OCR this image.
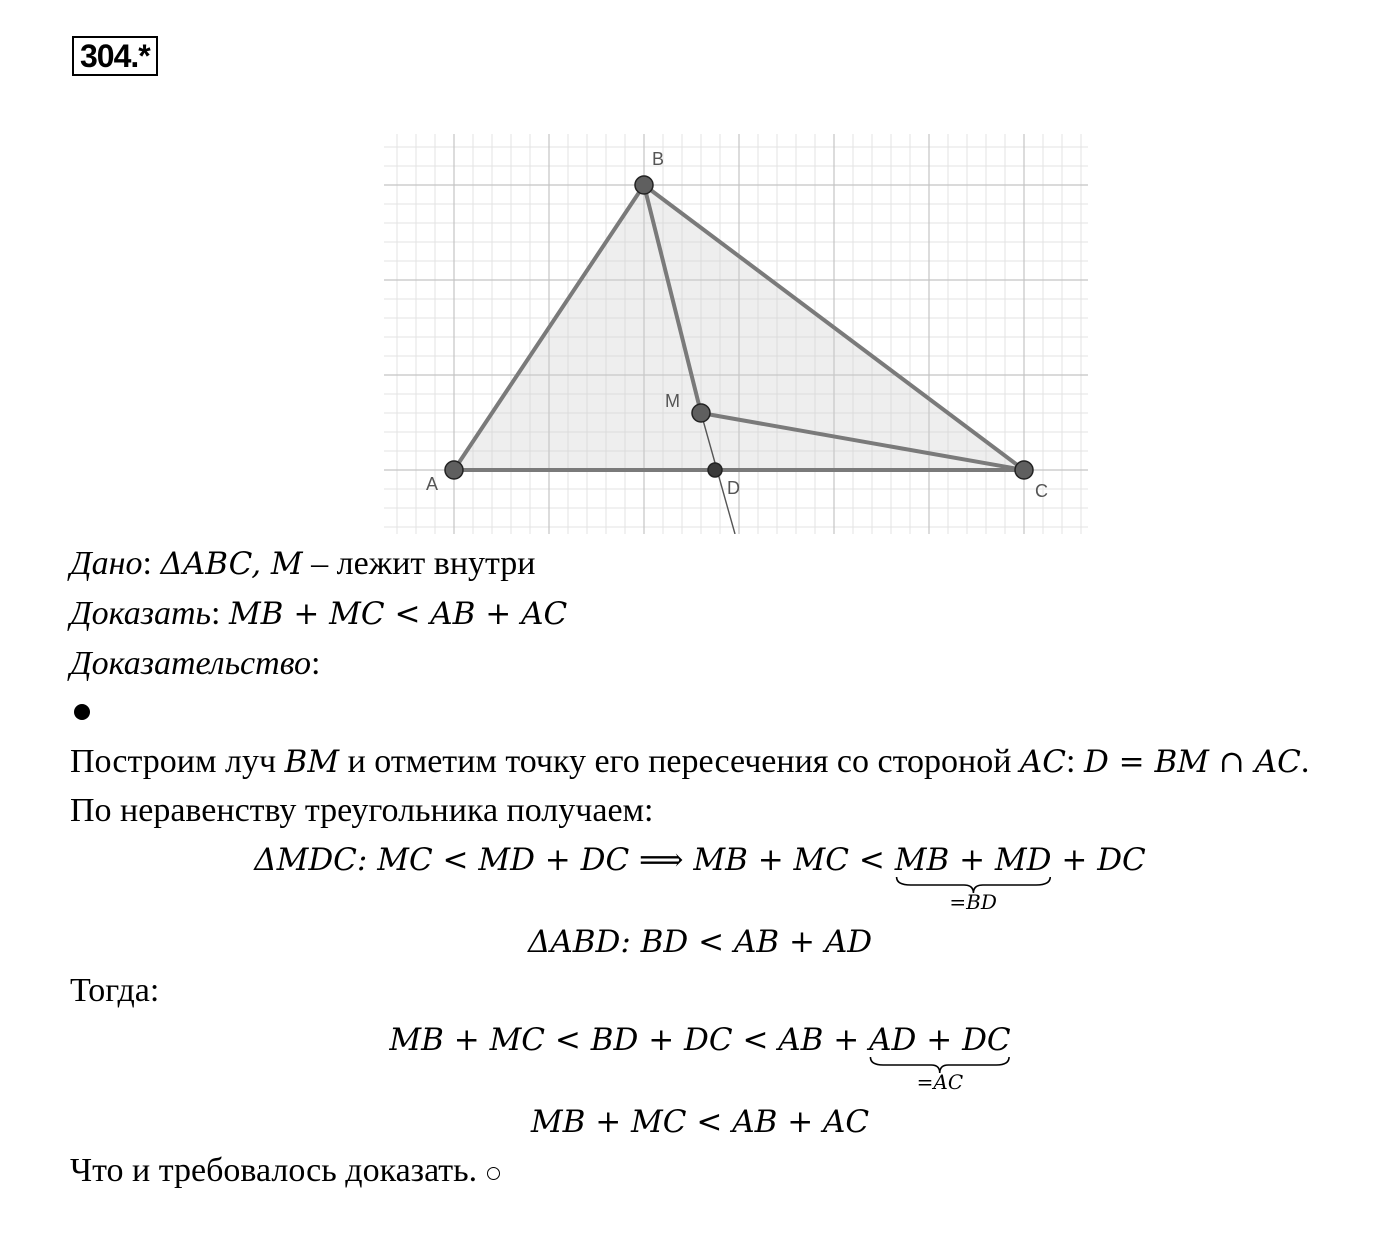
304.*
A
B
M
D	C
Дано: ΔABC, M – лежит внутри
Доказать: MB + MC < AB + AC
Доказательство:
Построим луч BM и отметим точку его пересечения со стороной AC: D = BM ∩ AC.
По неравенству треугольника получаем:
ΔMDC: MC < MD + DC ⟹ MB + MC < MB + MD
=BD
+ DC
ΔABD: BD < AB + AD
Тогда:
MB + MC < BD + DC < AB + AD + DC
=AC
MB + MC < AB + AC
Что и требовалось доказать.
